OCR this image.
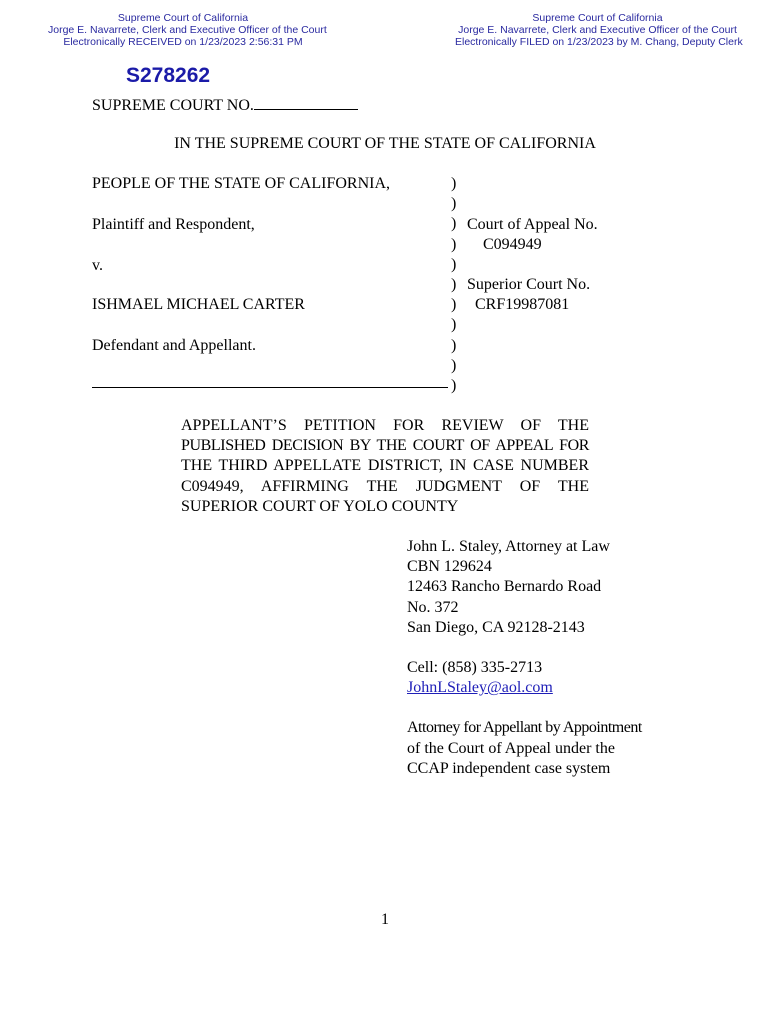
Supreme Court of California
Jorge E. Navarrete, Clerk and Executive Officer of the Court
Electronically RECEIVED on 1/23/2023 2:56:31 PM
Supreme Court of California
Jorge E. Navarrete, Clerk and Executive Officer of the Court
Electronically FILED on 1/23/2023 by M. Chang, Deputy Clerk
S278262
SUPREME COURT NO.
IN THE SUPREME COURT OF THE STATE OF CALIFORNIA
PEOPLE OF THE STATE OF CALIFORNIA,
Plaintiff and Respondent,
v.
ISHMAEL MICHAEL CARTER
Defendant and Appellant.
)
)
)
)
)
)
)
)
)
)
)
Court of Appeal No.
C094949
Superior Court No.
CRF19987081
APPELLANT’S PETITION FOR REVIEW OF THE
PUBLISHED DECISION BY THE COURT OF APPEAL FOR
THE THIRD APPELLATE DISTRICT, IN CASE NUMBER
C094949, AFFIRMING THE JUDGMENT OF THE
SUPERIOR COURT OF YOLO COUNTY
John L. Staley, Attorney at Law
CBN 129624
12463 Rancho Bernardo Road
No. 372
San Diego, CA 92128-2143
Cell: (858) 335-2713
JohnLStaley@aol.com
Attorney for Appellant by Appointment
of the Court of Appeal under the
CCAP independent case system
1
